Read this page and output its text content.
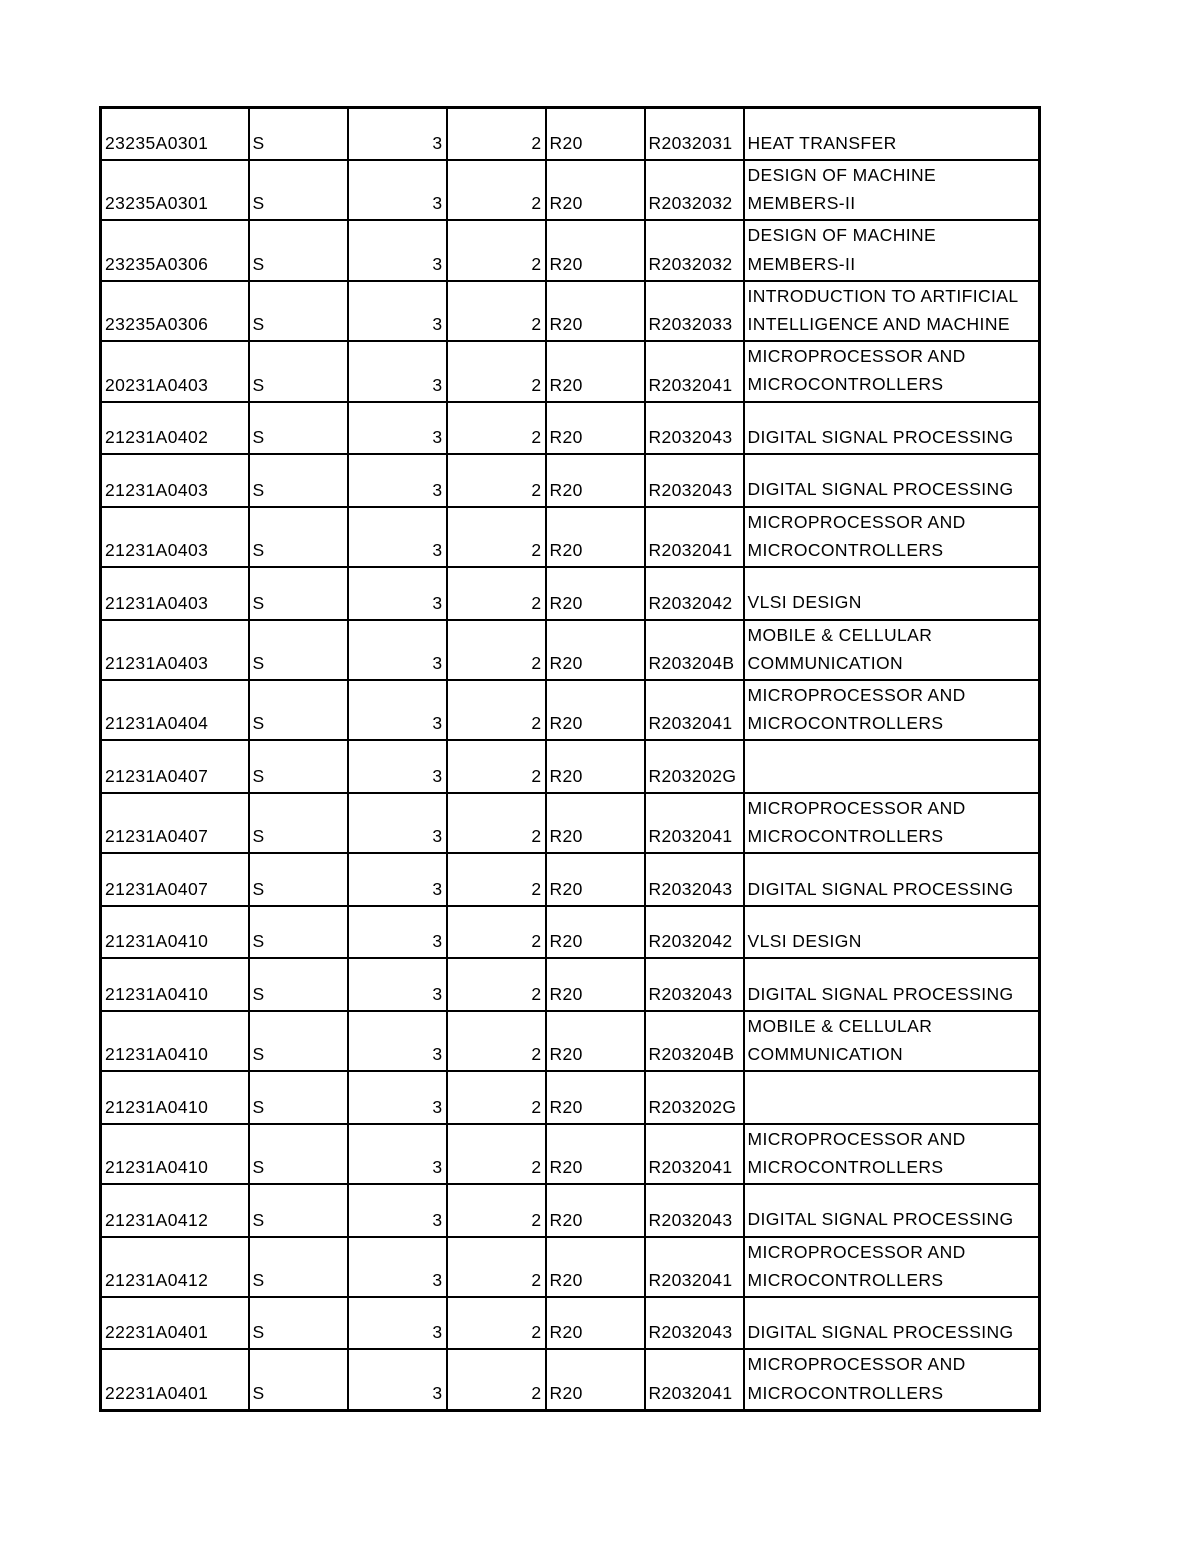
23235A0301	S	3	2	R20	R2032031	HEAT TRANSFER
23235A0301	S	3	2	R20	R2032032	DESIGN OF MACHINE MEMBERS-II
23235A0306	S	3	2	R20	R2032032	DESIGN OF MACHINE MEMBERS-II
23235A0306	S	3	2	R20	R2032033	INTRODUCTION TO ARTIFICIAL INTELLIGENCE AND MACHINE
20231A0403	S	3	2	R20	R2032041	MICROPROCESSOR AND MICROCONTROLLERS
21231A0402	S	3	2	R20	R2032043	DIGITAL SIGNAL PROCESSING
21231A0403	S	3	2	R20	R2032043	DIGITAL SIGNAL PROCESSING
21231A0403	S	3	2	R20	R2032041	MICROPROCESSOR AND MICROCONTROLLERS
21231A0403	S	3	2	R20	R2032042	VLSI DESIGN
21231A0403	S	3	2	R20	R203204B	MOBILE & CELLULAR COMMUNICATION
21231A0404	S	3	2	R20	R2032041	MICROPROCESSOR AND MICROCONTROLLERS
21231A0407	S	3	2	R20	R203202G	
21231A0407	S	3	2	R20	R2032041	MICROPROCESSOR AND MICROCONTROLLERS
21231A0407	S	3	2	R20	R2032043	DIGITAL SIGNAL PROCESSING
21231A0410	S	3	2	R20	R2032042	VLSI DESIGN
21231A0410	S	3	2	R20	R2032043	DIGITAL SIGNAL PROCESSING
21231A0410	S	3	2	R20	R203204B	MOBILE & CELLULAR COMMUNICATION
21231A0410	S	3	2	R20	R203202G	
21231A0410	S	3	2	R20	R2032041	MICROPROCESSOR AND MICROCONTROLLERS
21231A0412	S	3	2	R20	R2032043	DIGITAL SIGNAL PROCESSING
21231A0412	S	3	2	R20	R2032041	MICROPROCESSOR AND MICROCONTROLLERS
22231A0401	S	3	2	R20	R2032043	DIGITAL SIGNAL PROCESSING
22231A0401	S	3	2	R20	R2032041	MICROPROCESSOR AND MICROCONTROLLERS
